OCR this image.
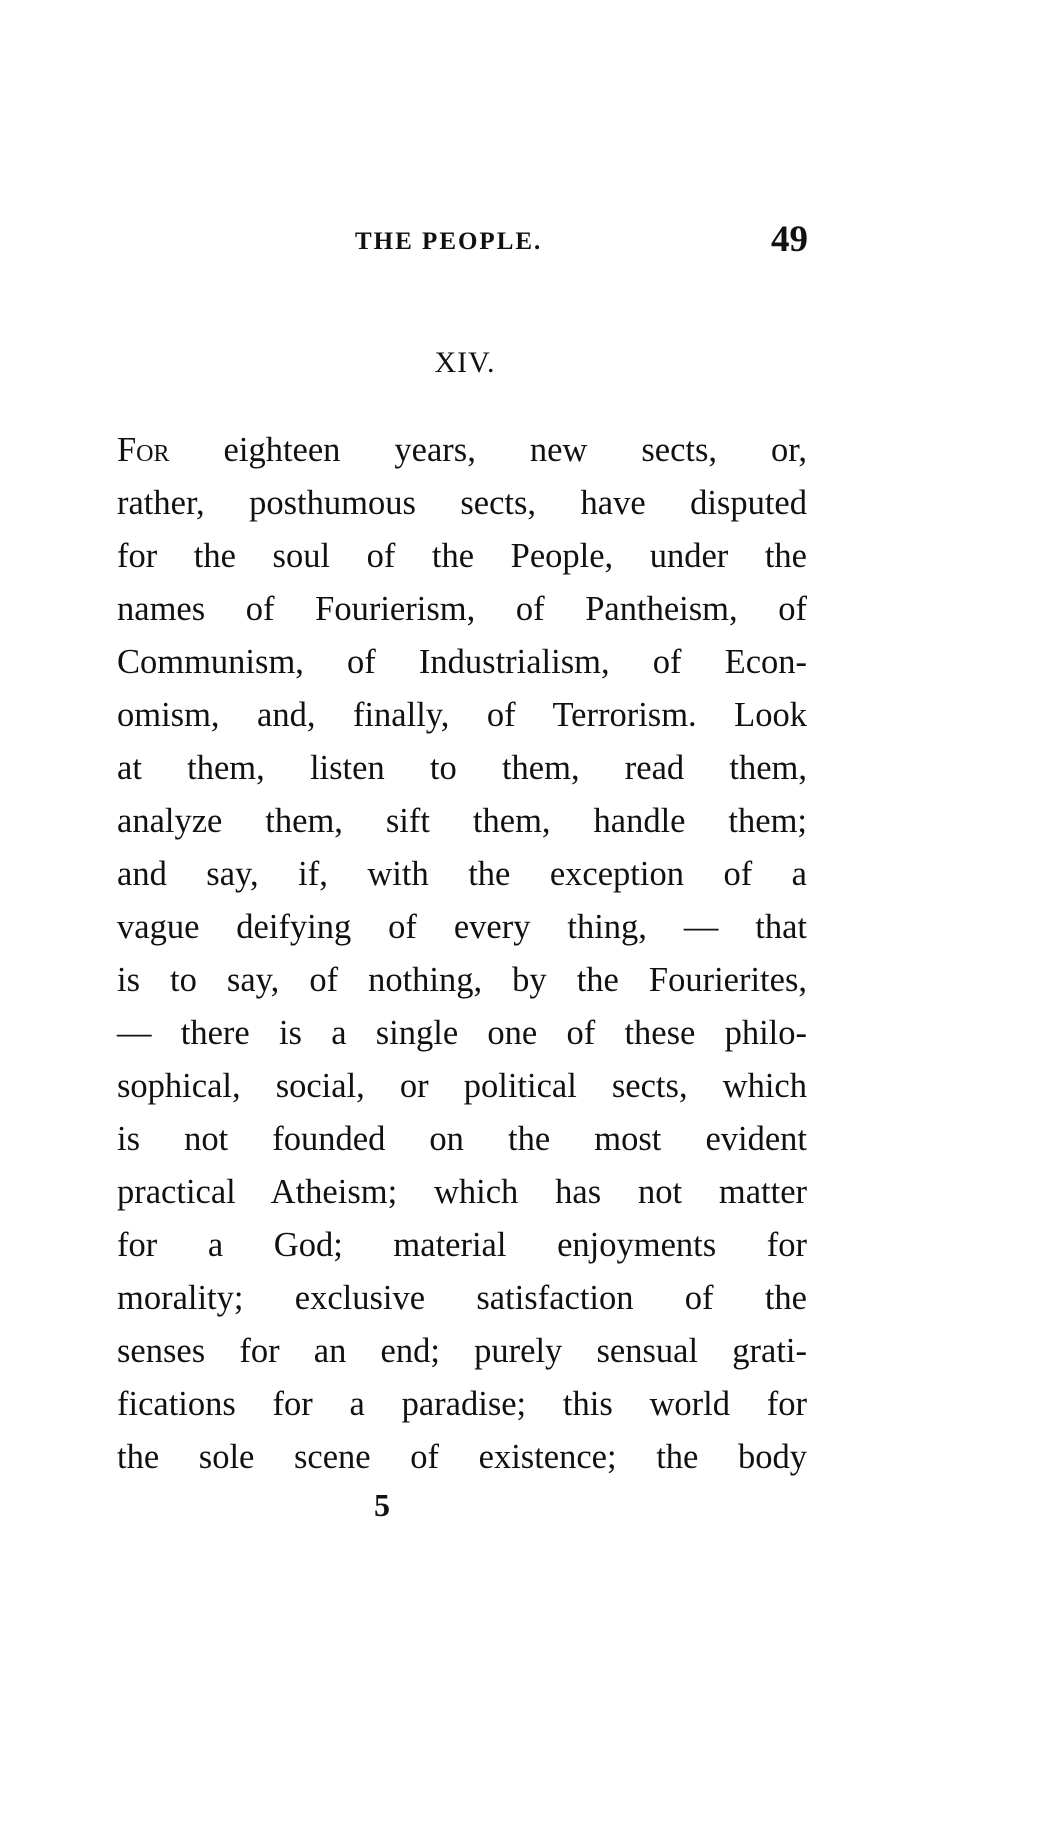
THE PEOPLE.	49
XIV.
For eighteen years, new sects, or,
rather, posthumous sects, have disputed
for the soul of the People, under the
names of Fourierism, of Pantheism, of
Communism, of Industrialism, of Econ-
omism, and, finally, of Terrorism. Look
at them, listen to them, read them,
analyze them, sift them, handle them;
and say, if, with the exception of a
vague deifying of every thing, — that
is to say, of nothing, by the Fourierites,
— there is a single one of these philo-
sophical, social, or political sects, which
is not founded on the most evident
practical Atheism; which has not matter
for a God; material enjoyments for
morality; exclusive satisfaction of the
senses for an end; purely sensual grati-
fications for a paradise; this world for
the sole scene of existence; the body
5
